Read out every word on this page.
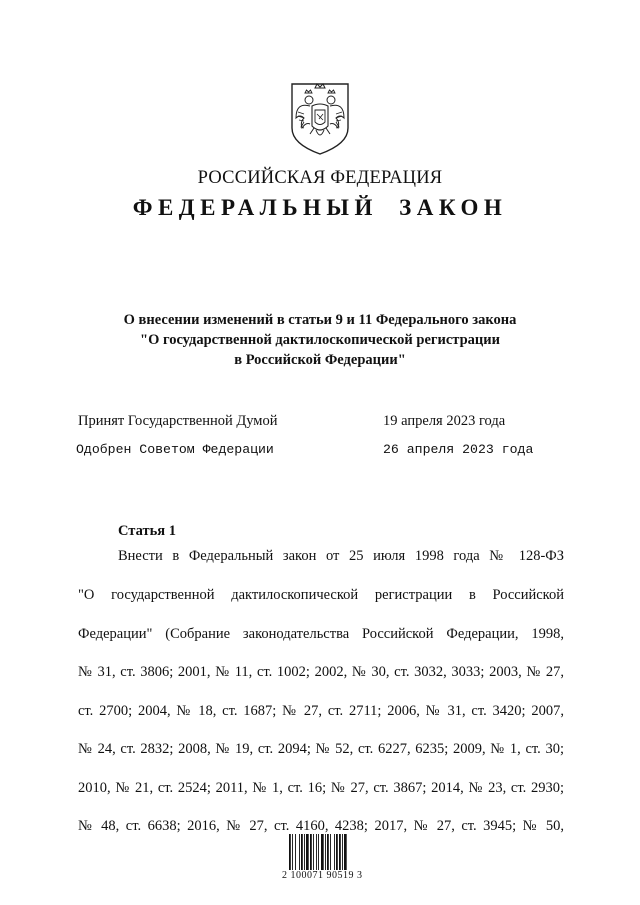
РОССИЙСКАЯ ФЕДЕРАЦИЯ
ФЕДЕРАЛЬНЫЙ ЗАКОН
О внесении изменений в статьи 9 и 11 Федерального закона
"О государственной дактилоскопической регистрации
в Российской Федерации"
Принят Государственной Думой	19 апреля 2023 года
Одобрен Советом Федерации	26 апреля 2023 года
Статья 1
Внести в Федеральный закон от 25 июля 1998 года № 128-ФЗ
"О государственной дактилоскопической регистрации в Российской
Федерации" (Собрание законодательства Российской Федерации, 1998,
№ 31, ст. 3806; 2001, № 11, ст. 1002; 2002, № 30, ст. 3032, 3033; 2003, № 27,
ст. 2700; 2004, № 18, ст. 1687; № 27, ст. 2711; 2006, № 31, ст. 3420; 2007,
№ 24, ст. 2832; 2008, № 19, ст. 2094; № 52, ст. 6227, 6235; 2009, № 1, ст. 30;
2010, № 21, ст. 2524; 2011, № 1, ст. 16; № 27, ст. 3867; 2014, № 23, ст. 2930;
№ 48, ст. 6638; 2016, № 27, ст. 4160, 4238; 2017, № 27, ст. 3945; № 50,
2 100071 90519 3
